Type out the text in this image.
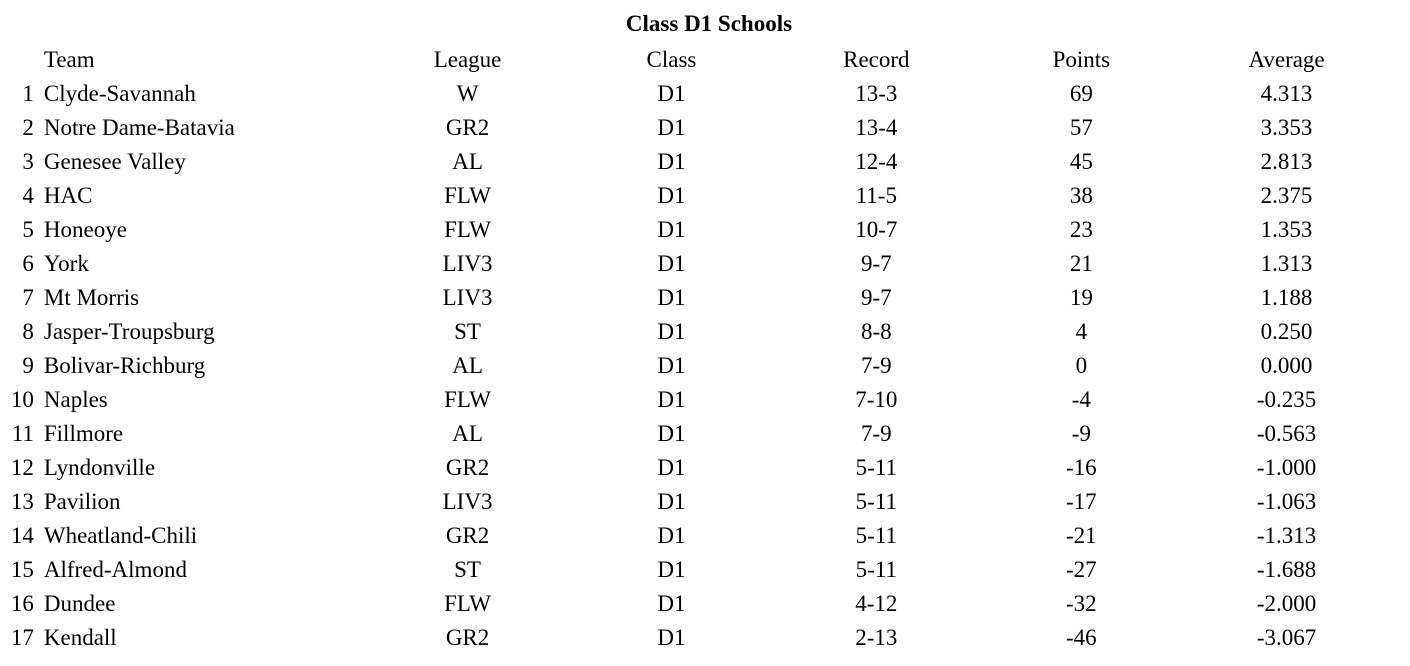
Class D1 Schools
	Team	League	Class	Record	Points	Average
1	Clyde-Savannah	W	D1	13-3	69	4.313
2	Notre Dame-Batavia	GR2	D1	13-4	57	3.353
3	Genesee Valley	AL	D1	12-4	45	2.813
4	HAC	FLW	D1	11-5	38	2.375
5	Honeoye	FLW	D1	10-7	23	1.353
6	York	LIV3	D1	9-7	21	1.313
7	Mt Morris	LIV3	D1	9-7	19	1.188
8	Jasper-Troupsburg	ST	D1	8-8	4	0.250
9	Bolivar-Richburg	AL	D1	7-9	0	0.000
10	Naples	FLW	D1	7-10	-4	-0.235
11	Fillmore	AL	D1	7-9	-9	-0.563
12	Lyndonville	GR2	D1	5-11	-16	-1.000
13	Pavilion	LIV3	D1	5-11	-17	-1.063
14	Wheatland-Chili	GR2	D1	5-11	-21	-1.313
15	Alfred-Almond	ST	D1	5-11	-27	-1.688
16	Dundee	FLW	D1	4-12	-32	-2.000
17	Kendall	GR2	D1	2-13	-46	-3.067
